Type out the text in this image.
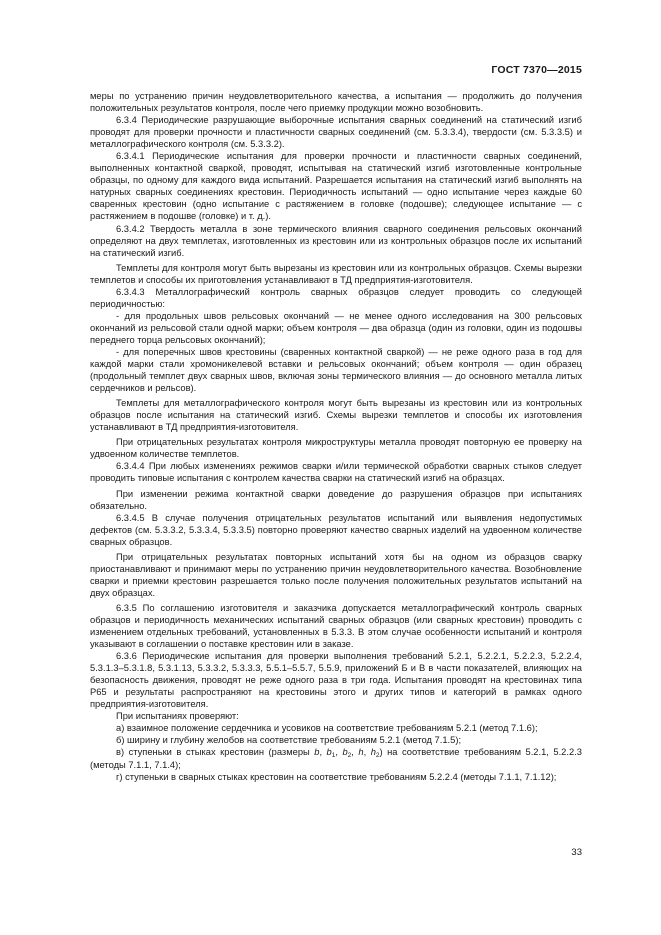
ГОСТ 7370—2015

меры по устранению причин неудовлетворительного качества, а испытания — продолжить до получения положительных результатов контроля, после чего приемку продукции можно возобновить.

6.3.4 Периодические разрушающие выборочные испытания сварных соединений на статический изгиб проводят для проверки прочности и пластичности сварных соединений (см. 5.3.3.4), твердости (см. 5.3.3.5) и металлографического контроля (см. 5.3.3.2).

6.3.4.1 Периодические испытания для проверки прочности и пластичности сварных соединений, выполненных контактной сваркой, проводят, испытывая на статический изгиб изготовленные контрольные образцы, по одному для каждого вида испытаний. Разрешается испытания на статический изгиб выполнять на натурных сварных соединениях крестовин. Периодичность испытаний — одно испытание через каждые 60 сваренных крестовин (одно испытание с растяжением в головке (подошве); следующее испытание — с растяжением в подошве (головке) и т. д.).

6.3.4.2 Твердость металла в зоне термического влияния сварного соединения рельсовых окончаний определяют на двух темплетах, изготовленных из крестовин или из контрольных образцов после их испытаний на статический изгиб.

Темплеты для контроля могут быть вырезаны из крестовин или из контрольных образцов. Схемы вырезки темплетов и способы их приготовления устанавливают в ТД предприятия-изготовителя.

6.3.4.3 Металлографический контроль сварных образцов следует проводить со следующей периодичностью:

- для продольных швов рельсовых окончаний — не менее одного исследования на 300 рельсовых окончаний из рельсовой стали одной марки; объем контроля — два образца (один из головки, один из подошвы переднего торца рельсовых окончаний);

- для поперечных швов крестовины (сваренных контактной сваркой) — не реже одного раза в год для каждой марки стали хромоникелевой вставки и рельсовых окончаний; объем контроля — один образец (продольный темплет двух сварных швов, включая зоны термического влияния — до основного металла литых сердечников и рельсов).

Темплеты для металлографического контроля могут быть вырезаны из крестовин или из контрольных образцов после испытания на статический изгиб. Схемы вырезки темплетов и способы их изготовления устанавливают в ТД предприятия-изготовителя.

При отрицательных результатах контроля микроструктуры металла проводят повторную ее проверку на удвоенном количестве темплетов.

6.3.4.4 При любых изменениях режимов сварки и/или термической обработки сварных стыков следует проводить типовые испытания с контролем качества сварки на статический изгиб на образцах.

При изменении режима контактной сварки доведение до разрушения образцов при испытаниях обязательно.

6.3.4.5 В случае получения отрицательных результатов испытаний или выявления недопустимых дефектов (см. 5.3.3.2, 5.3.3.4, 5.3.3.5) повторно проверяют качество сварных изделий на удвоенном количестве сварных образцов.

При отрицательных результатах повторных испытаний хотя бы на одном из образцов сварку приостанавливают и принимают меры по устранению причин неудовлетворительного качества. Возобновление сварки и приемки крестовин разрешается только после получения положительных результатов испытаний на двух образцах.

6.3.5 По соглашению изготовителя и заказчика допускается металлографический контроль сварных образцов и периодичность механических испытаний сварных образцов (или сварных крестовин) проводить с изменением отдельных требований, установленных в 5.3.3. В этом случае особенности испытаний и контроля указывают в соглашении о поставке крестовин или в заказе.

6.3.6 Периодические испытания для проверки выполнения требований 5.2.1, 5.2.2.1, 5.2.2.3, 5.2.2.4, 5.3.1.3–5.3.1.8, 5.3.1.13, 5.3.3.2, 5.3.3.3, 5.5.1–5.5.7, 5.5.9, приложений Б и В в части показателей, влияющих на безопасность движения, проводят не реже одного раза в три года. Испытания проводят на крестовинах типа Р65 и результаты распространяют на крестовины этого и других типов и категорий в рамках одного предприятия-изготовителя.

При испытаниях проверяют:

а) взаимное положение сердечника и усовиков на соответствие требованиям 5.2.1 (метод 7.1.6);

б) ширину и глубину желобов на соответствие требованиям 5.2.1 (метод 7.1.5);

в) ступеньки в стыках крестовин (размеры b, $b_1$, $b_2$, h, $h_2$) на соответствие требованиям 5.2.1, 5.2.2.3 (методы 7.1.1, 7.1.4);

г) ступеньки в сварных стыках крестовин на соответствие требованиям 5.2.2.4 (методы 7.1.1, 7.1.12);

33
